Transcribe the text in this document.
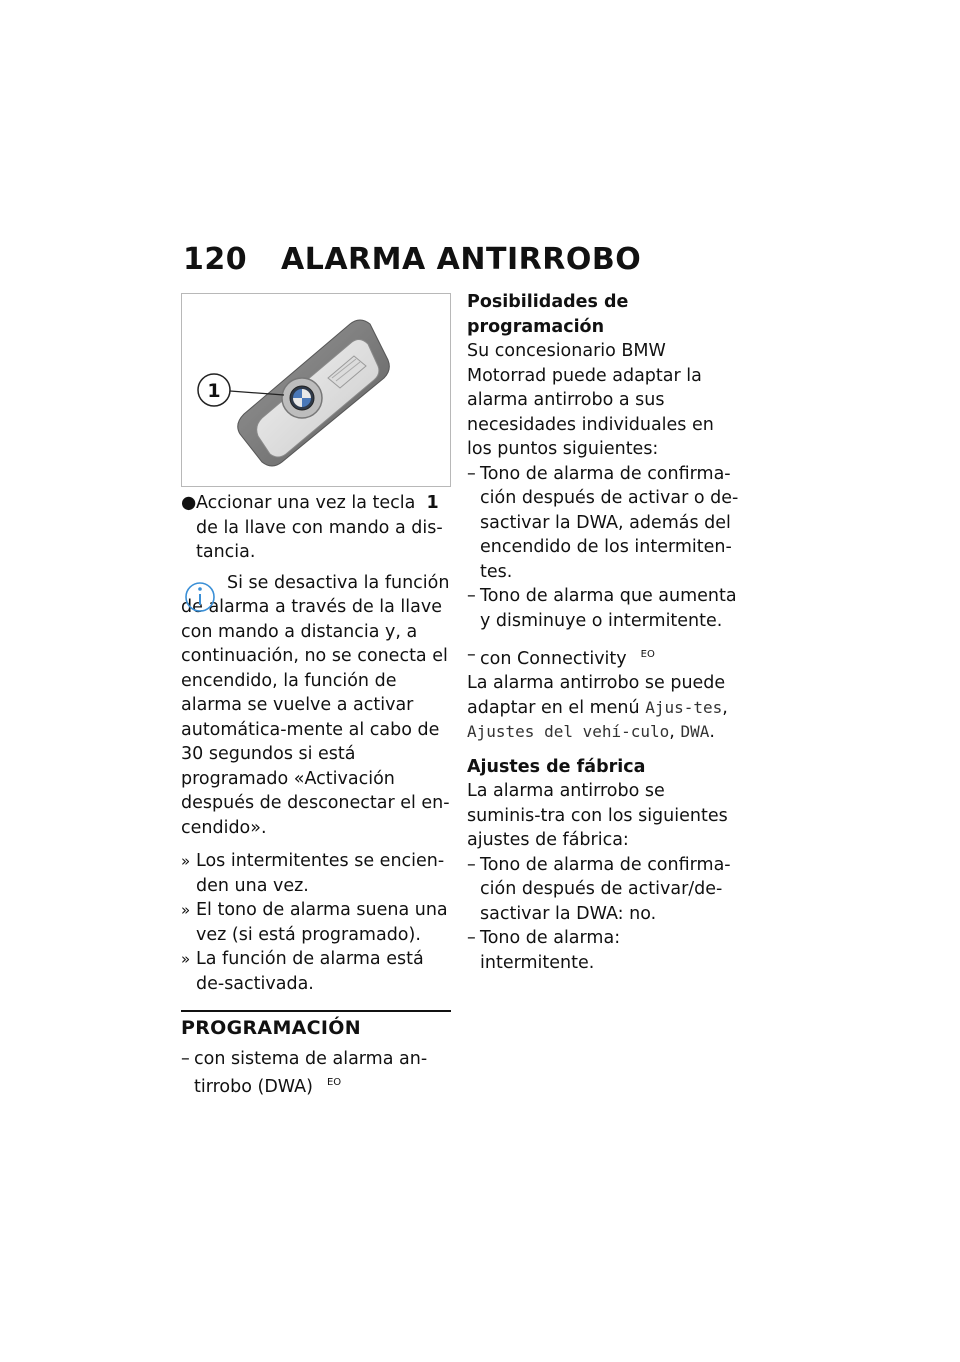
120 ALARMA ANTIRROBO
1
● Accionar una vez la tecla 1 de la llave con mando a dis-tancia.
Si se desactiva la función de alarma a través de la llave con mando a distancia y, a continuación, no se conecta el encendido, la función de alarma se vuelve a activar automática-mente al cabo de 30 segundos si está programado «Activación después de desconectar el en-cendido».
» Los intermitentes se encien-den una vez.
» El tono de alarma suena una vez (si está programado).
» La función de alarma está de-sactivada.
PROGRAMACIÓN
– con sistema de alarma an-tirrobo (DWA) $^{EO}$
Posibilidades de programación
Su concesionario BMW Motorrad puede adaptar la alarma antirrobo a sus necesidades individuales en los puntos siguientes:
– Tono de alarma de confirma-ción después de activar o de-sactivar la DWA, además del encendido de los intermiten-tes.
– Tono de alarma que aumenta y disminuye o intermitente.
– con Connectivity $^{EO}$
La alarma antirrobo se puede adaptar en el menú Ajus-tes, Ajustes del vehí-culo, DWA.
Ajustes de fábrica
La alarma antirrobo se suminis-tra con los siguientes ajustes de fábrica:
– Tono de alarma de confirma-ción después de activar/de-sactivar la DWA: no.
– Tono de alarma: intermitente.
